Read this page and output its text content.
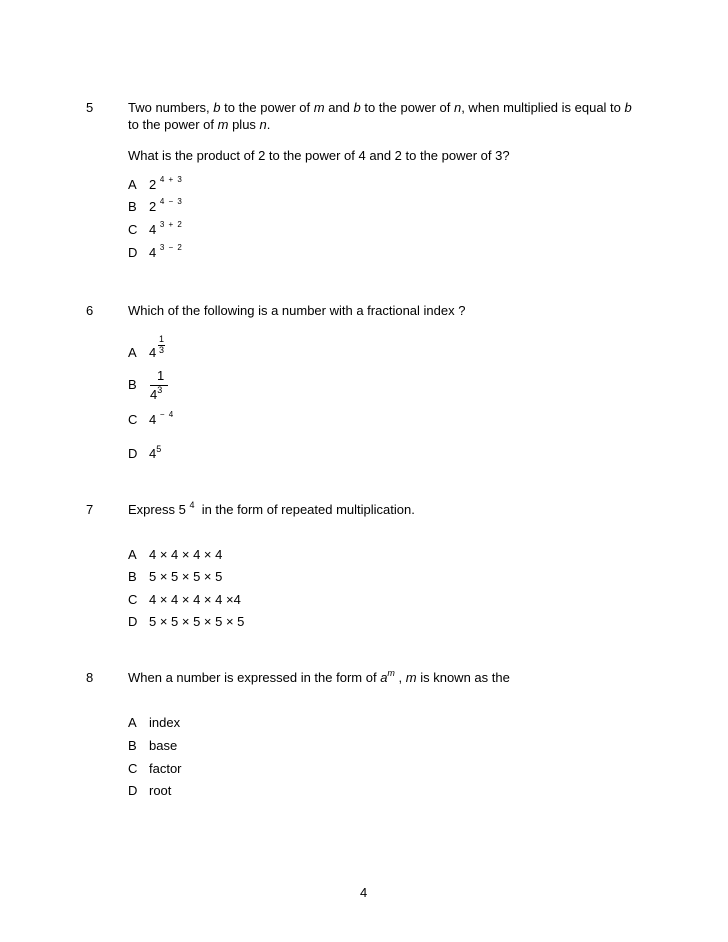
5	Two numbers, b to the power of m and b to the power of n, when multiplied is equal to b
to the power of m plus n.
What is the product of 2 to the power of 4 and 2 to the power of 3?
A 2 $^{4 + 3}$
B 2 $^{4 - 3}$
C 4 $^{3 + 2}$
D 4 $^{3 - 2}$
6	Which of the following is a number with a fractional index ?
A 4
1
3
B
1
$4^3$
C 4 $^{- 4}$
D $4^5$
7	Express 5 $^4$ in the form of repeated multiplication.
A 4 × 4 × 4 × 4
B 5 × 5 × 5 × 5
C 4 × 4 × 4 × 4 ×4
D 5 × 5 × 5 × 5 × 5
8	When a number is expressed in the form of $a^m$ , m is known as the
A index
B base
C factor
D root
4
